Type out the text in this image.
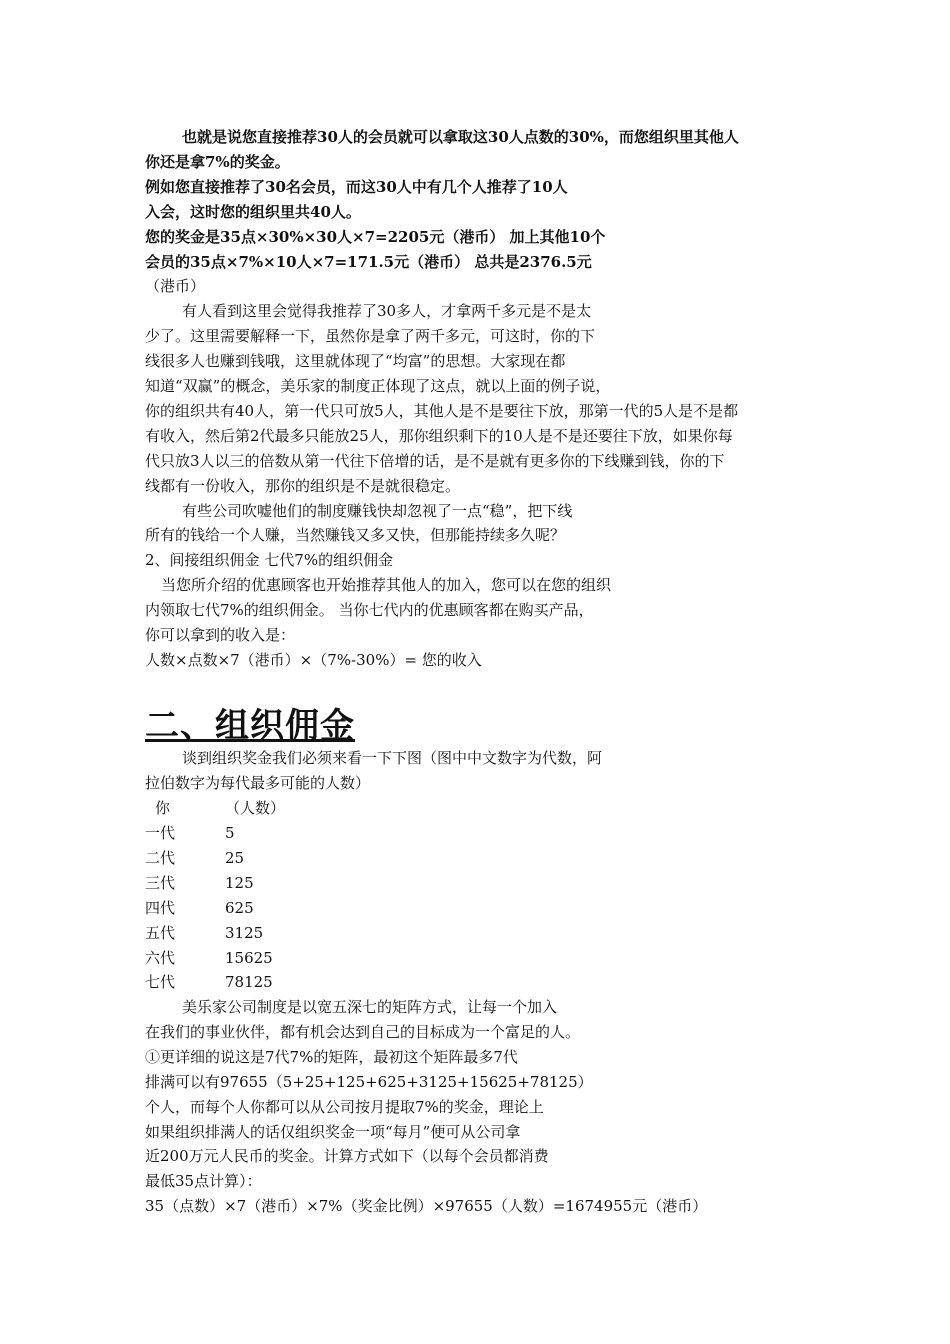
也就是说您直接推荐30人的会员就可以拿取这30人点数的30%，而您组织里其他人
你还是拿7%的奖金。
例如您直接推荐了30名会员，而这30人中有几个人推荐了10人
入会，这时您的组织里共40人。
您的奖金是35点×30%×30人×7=2205元（港币） 加上其他10个
会员的35点×7%×10人×7=171.5元（港币） 总共是2376.5元
（港币）
有人看到这里会觉得我推荐了30多人，才拿两千多元是不是太
少了。这里需要解释一下，虽然你是拿了两千多元，可这时，你的下
线很多人也赚到钱哦，这里就体现了“均富”的思想。大家现在都
知道“双赢”的概念，美乐家的制度正体现了这点，就以上面的例子说，
你的组织共有40人，第一代只可放5人，其他人是不是要往下放，那第一代的5人是不是都
有收入，然后第2代最多只能放25人，那你组织剩下的10人是不是还要往下放，如果你每
代只放3人以三的倍数从第一代往下倍增的话，是不是就有更多你的下线赚到钱，你的下
线都有一份收入，那你的组织是不是就很稳定。
有些公司吹嘘他们的制度赚钱快却忽视了一点“稳”，把下线
所有的钱给一个人赚，当然赚钱又多又快，但那能持续多久呢？
2、间接组织佣金 七代7%的组织佣金
当您所介绍的优惠顾客也开始推荐其他人的加入，您可以在您的组织
内领取七代7%的组织佣金。 当你七代内的优惠顾客都在购买产品，
你可以拿到的收入是：
人数×点数×7（港币）×（7%-30%）= 您的收入
二、组织佣金
谈到组织奖金我们必须来看一下下图（图中中文数字为代数，阿
拉伯数字为每代最多可能的人数）
你	（人数）
一代	5
二代	25
三代	125
四代	625
五代	3125
六代	15625
七代	78125
美乐家公司制度是以宽五深七的矩阵方式，让每一个加入
在我们的事业伙伴，都有机会达到自己的目标成为一个富足的人。
①更详细的说这是7代7%的矩阵，最初这个矩阵最多7代
排满可以有97655（5+25+125+625+3125+15625+78125）
个人，而每个人你都可以从公司按月提取7%的奖金，理论上
如果组织排满人的话仅组织奖金一项“每月”便可从公司拿
近200万元人民币的奖金。计算方式如下（以每个会员都消费
最低35点计算）：
35（点数）×7（港币）×7%（奖金比例）×97655（人数）=1674955元（港币）
